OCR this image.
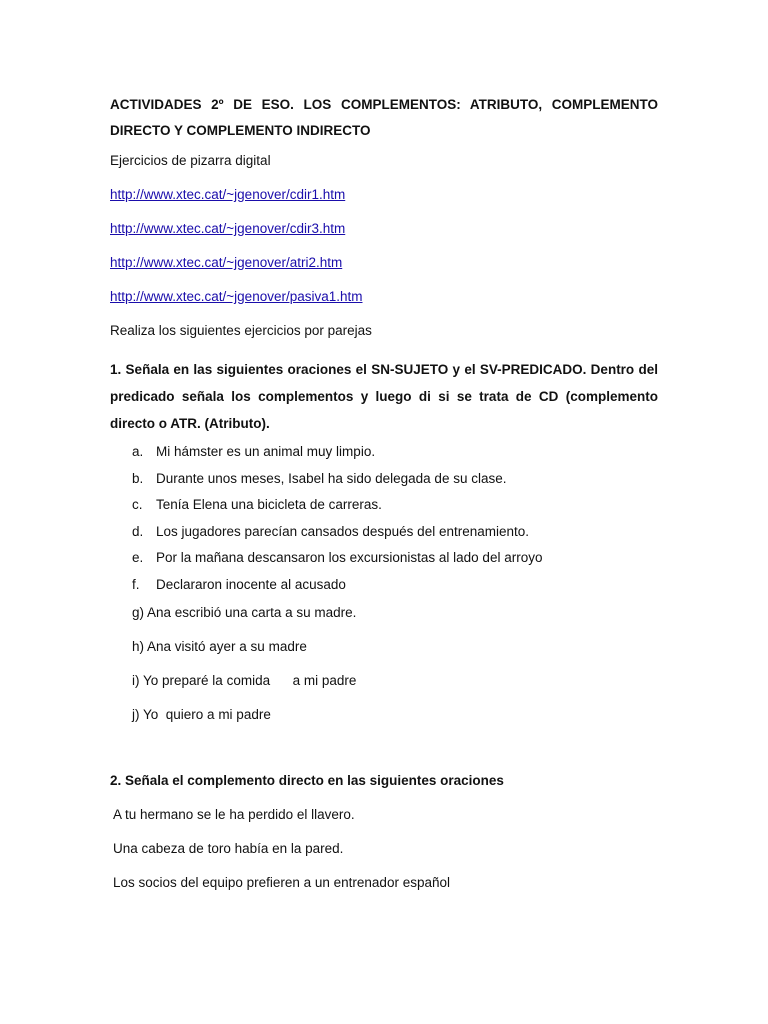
ACTIVIDADES 2º DE ESO. LOS COMPLEMENTOS: ATRIBUTO, COMPLEMENTO DIRECTO Y COMPLEMENTO INDIRECTO
Ejercicios de pizarra digital
http://www.xtec.cat/~jgenover/cdir1.htm
http://www.xtec.cat/~jgenover/cdir3.htm
http://www.xtec.cat/~jgenover/atri2.htm
http://www.xtec.cat/~jgenover/pasiva1.htm
Realiza los siguientes ejercicios por parejas
1. Señala en las siguientes oraciones el SN-SUJETO y el SV-PREDICADO. Dentro del predicado señala los complementos y luego di si se trata de CD (complemento directo o ATR. (Atributo).
a. Mi hámster es un animal muy limpio.
b. Durante unos meses, Isabel ha sido delegada de su clase.
c. Tenía Elena una bicicleta de carreras.
d. Los jugadores parecían cansados después del entrenamiento.
e. Por la mañana descansaron los excursionistas al lado del arroyo
f. Declararon inocente al acusado
g) Ana escribió una carta a su madre.
h) Ana visitó ayer a su madre
i) Yo preparé la comida      a mi padre
j) Yo  quiero a mi padre
2. Señala el complemento directo en las siguientes oraciones
A tu hermano se le ha perdido el llavero.
Una cabeza de toro había en la pared.
Los socios del equipo prefieren a un entrenador español
